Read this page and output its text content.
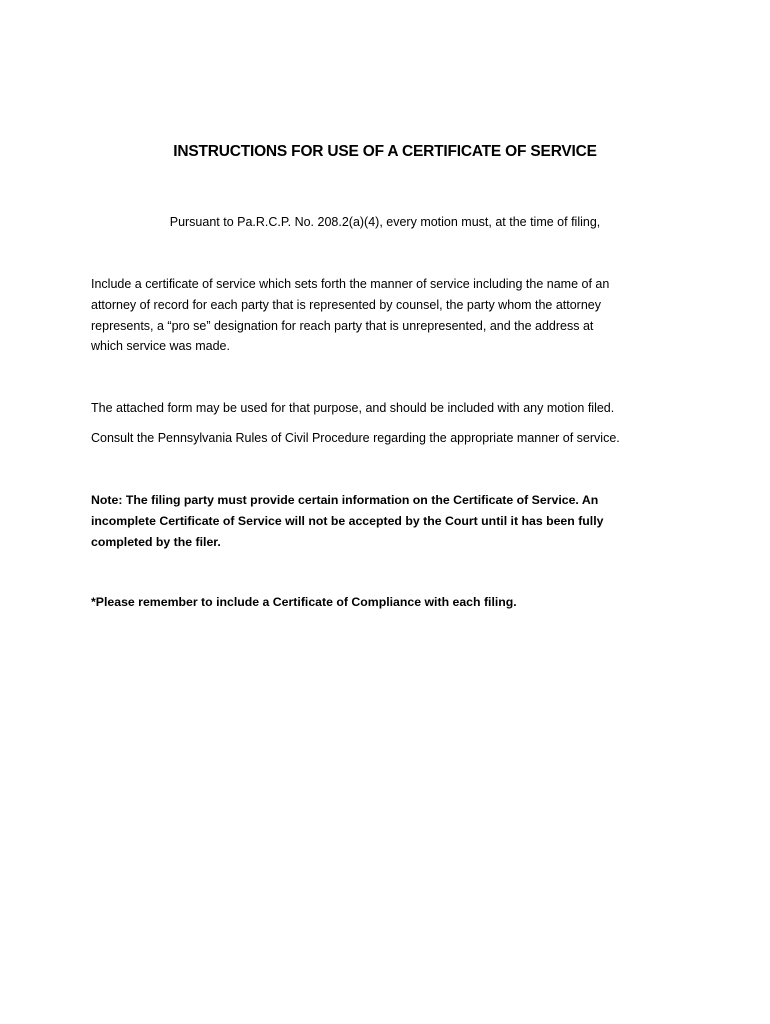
INSTRUCTIONS FOR USE OF A CERTIFICATE OF SERVICE
Pursuant to Pa.R.C.P. No. 208.2(a)(4), every motion must, at the time of filing,

Include a certificate of service which sets forth the manner of service including the name of an

attorney of record for each party that is represented by counsel, the party whom the attorney

represents, a “pro se” designation for reach party that is unrepresented, and the address at

which service was made.

The attached form may be used for that purpose, and should be included with any motion filed.

Consult the Pennsylvania Rules of Civil Procedure regarding the appropriate manner of service.

Note: The filing party must provide certain information on the Certificate of Service. An

incomplete Certificate of Service will not be accepted by the Court until it has been fully

completed by the filer.

*Please remember to include a Certificate of Compliance with each filing.
